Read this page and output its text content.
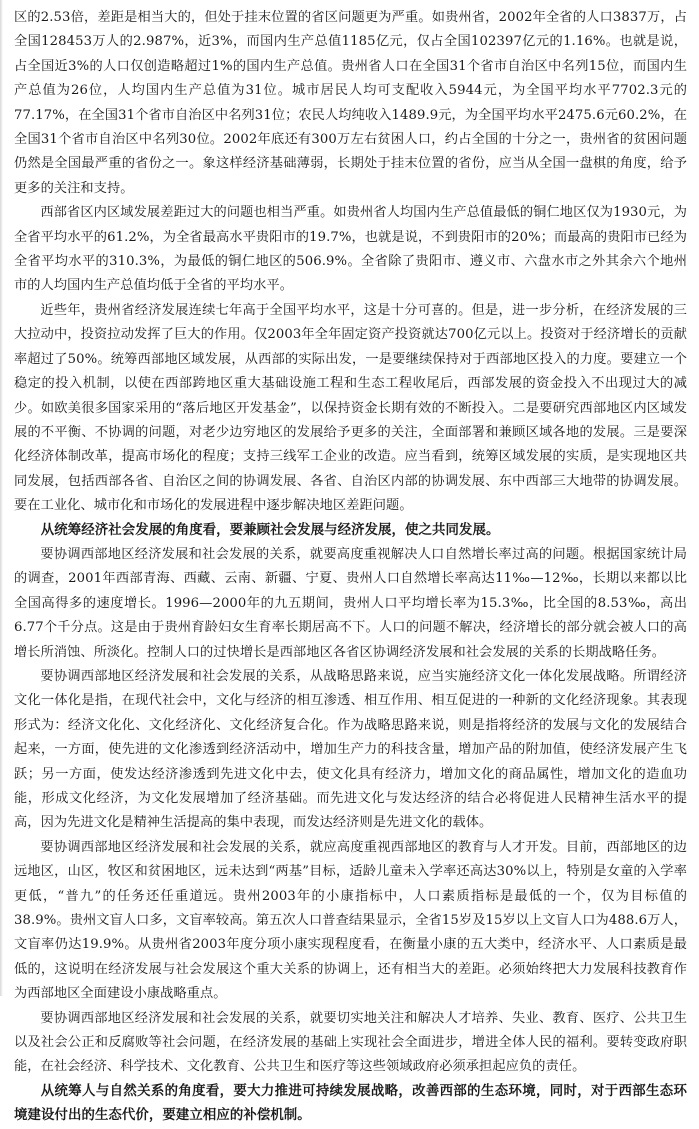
区的2.53倍，差距是相当大的，但处于挂末位置的省区问题更为严重。如贵州省，2002年全省的人口3837万，占全国128453万人的2.987%，近3%，而国内生产总值1185亿元，仅占全国102397亿元的1.16%。也就是说，占全国近3%的人口仅创造略超过1%的国内生产总值。贵州省人口在全国31个省市自治区中名列15位，而国内生产总值为26位，人均国内生产总值为31位。城市居民人均可支配收入5944元，为全国平均水平7702.3元的77.17%，在全国31个省市自治区中名列31位；农民人均纯收入1489.9元，为全国平均水平2475.6元60.2%，在全国31个省市自治区中名列30位。2002年底还有300万左右贫困人口，约占全国的十分之一，贵州省的贫困问题仍然是全国最严重的省份之一。象这样经济基础薄弱，长期处于挂末位置的省份，应当从全国一盘棋的角度，给予更多的关注和支持。

西部省区内区域发展差距过大的问题也相当严重。如贵州省人均国内生产总值最低的铜仁地区仅为1930元，为全省平均水平的61.2%，为全省最高水平贵阳市的19.7%，也就是说，不到贵阳市的20%；而最高的贵阳市已经为全省平均水平的310.3%，为最低的铜仁地区的506.9%。全省除了贵阳市、遵义市、六盘水市之外其余六个地州市的人均国内生产总值均低于全省的平均水平。

近些年，贵州省经济发展连续七年高于全国平均水平，这是十分可喜的。但是，进一步分析，在经济发展的三大拉动中，投资拉动发挥了巨大的作用。仅2003年全年固定资产投资就达700亿元以上。投资对于经济增长的贡献率超过了50%。统筹西部地区域发展，从西部的实际出发，一是要继续保持对于西部地区投入的力度。要建立一个稳定的投入机制，以使在西部跨地区重大基础设施工程和生态工程收尾后，西部发展的资金投入不出现过大的减少。如欧美很多国家采用的“落后地区开发基金”，以保持资金长期有效的不断投入。二是要研究西部地区内区域发展的不平衡、不协调的问题，对老少边穷地区的发展给予更多的关注，全面部署和兼顾区域各地的发展。三是要深化经济体制改革，提高市场化的程度；支持三线军工企业的改造。应当看到，统筹区域发展的实质，是实现地区共同发展，包括西部各省、自治区之间的协调发展、各省、自治区内部的协调发展、东中西部三大地带的协调发展。要在工业化、城市化和市场化的发展进程中逐步解决地区差距问题。

从统筹经济社会发展的角度看，要兼顾社会发展与经济发展，使之共同发展。

要协调西部地区经济发展和社会发展的关系，就要高度重视解决人口自然增长率过高的问题。根据国家统计局的调查，2001年西部青海、西藏、云南、新疆、宁夏、贵州人口自然增长率高达11‰—12‰，长期以来都以比全国高得多的速度增长。1996—2000年的九五期间，贵州人口平均增长率为15.3‰，比全国的8.53‰，高出6.77个千分点。这是由于贵州育龄妇女生育率长期居高不下。人口的问题不解决，经济增长的部分就会被人口的高增长所消蚀、所淡化。控制人口的过快增长是西部地区各省区协调经济发展和社会发展的关系的长期战略任务。

要协调西部地区经济发展和社会发展的关系，从战略思路来说，应当实施经济文化一体化发展战略。所谓经济文化一体化是指，在现代社会中，文化与经济的相互渗透、相互作用、相互促进的一种新的文化经济现象。其表现形式为：经济文化化、文化经济化、文化经济复合化。作为战略思路来说，则是指将经济的发展与文化的发展结合起来，一方面，使先进的文化渗透到经济活动中，增加生产力的科技含量，增加产品的附加值，使经济发展产生飞跃；另一方面，使发达经济渗透到先进文化中去，使文化具有经济力，增加文化的商品属性，增加文化的造血功能，形成文化经济，为文化发展增加了经济基础。而先进文化与发达经济的结合必将促进人民精神生活水平的提高，因为先进文化是精神生活提高的集中表现，而发达经济则是先进文化的载体。

要协调西部地区经济发展和社会发展的关系，就应高度重视西部地区的教育与人才开发。目前，西部地区的边远地区，山区，牧区和贫困地区，远未达到“两基”目标，适龄儿童未入学率还高达30%以上，特别是女童的入学率更低，“普九”的任务还任重道远。贵州2003年的小康指标中，人口素质指标是最低的一个，仅为目标值的38.9%。贵州文盲人口多，文盲率较高。第五次人口普查结果显示，全省15岁及15岁以上文盲人口为488.6万人，文盲率仍达19.9%。从贵州省2003年度分项小康实现程度看，在衡量小康的五大类中，经济水平、人口素质是最低的，这说明在经济发展与社会发展这个重大关系的协调上，还有相当大的差距。必须始终把大力发展科技教育作为西部地区全面建设小康战略重点。

要协调西部地区经济发展和社会发展的关系，就要切实地关注和解决人才培养、失业、教育、医疗、公共卫生以及社会公正和反腐败等社会问题，在经济发展的基础上实现社会全面进步，增进全体人民的福利。要转变政府职能，在社会经济、科学技术、文化教育、公共卫生和医疗等这些领域政府必须承担起应负的责任。

从统筹人与自然关系的角度看，要大力推进可持续发展战略，改善西部的生态环境，同时，对于西部生态环境建设付出的生态代价，要建立相应的补偿机制。
